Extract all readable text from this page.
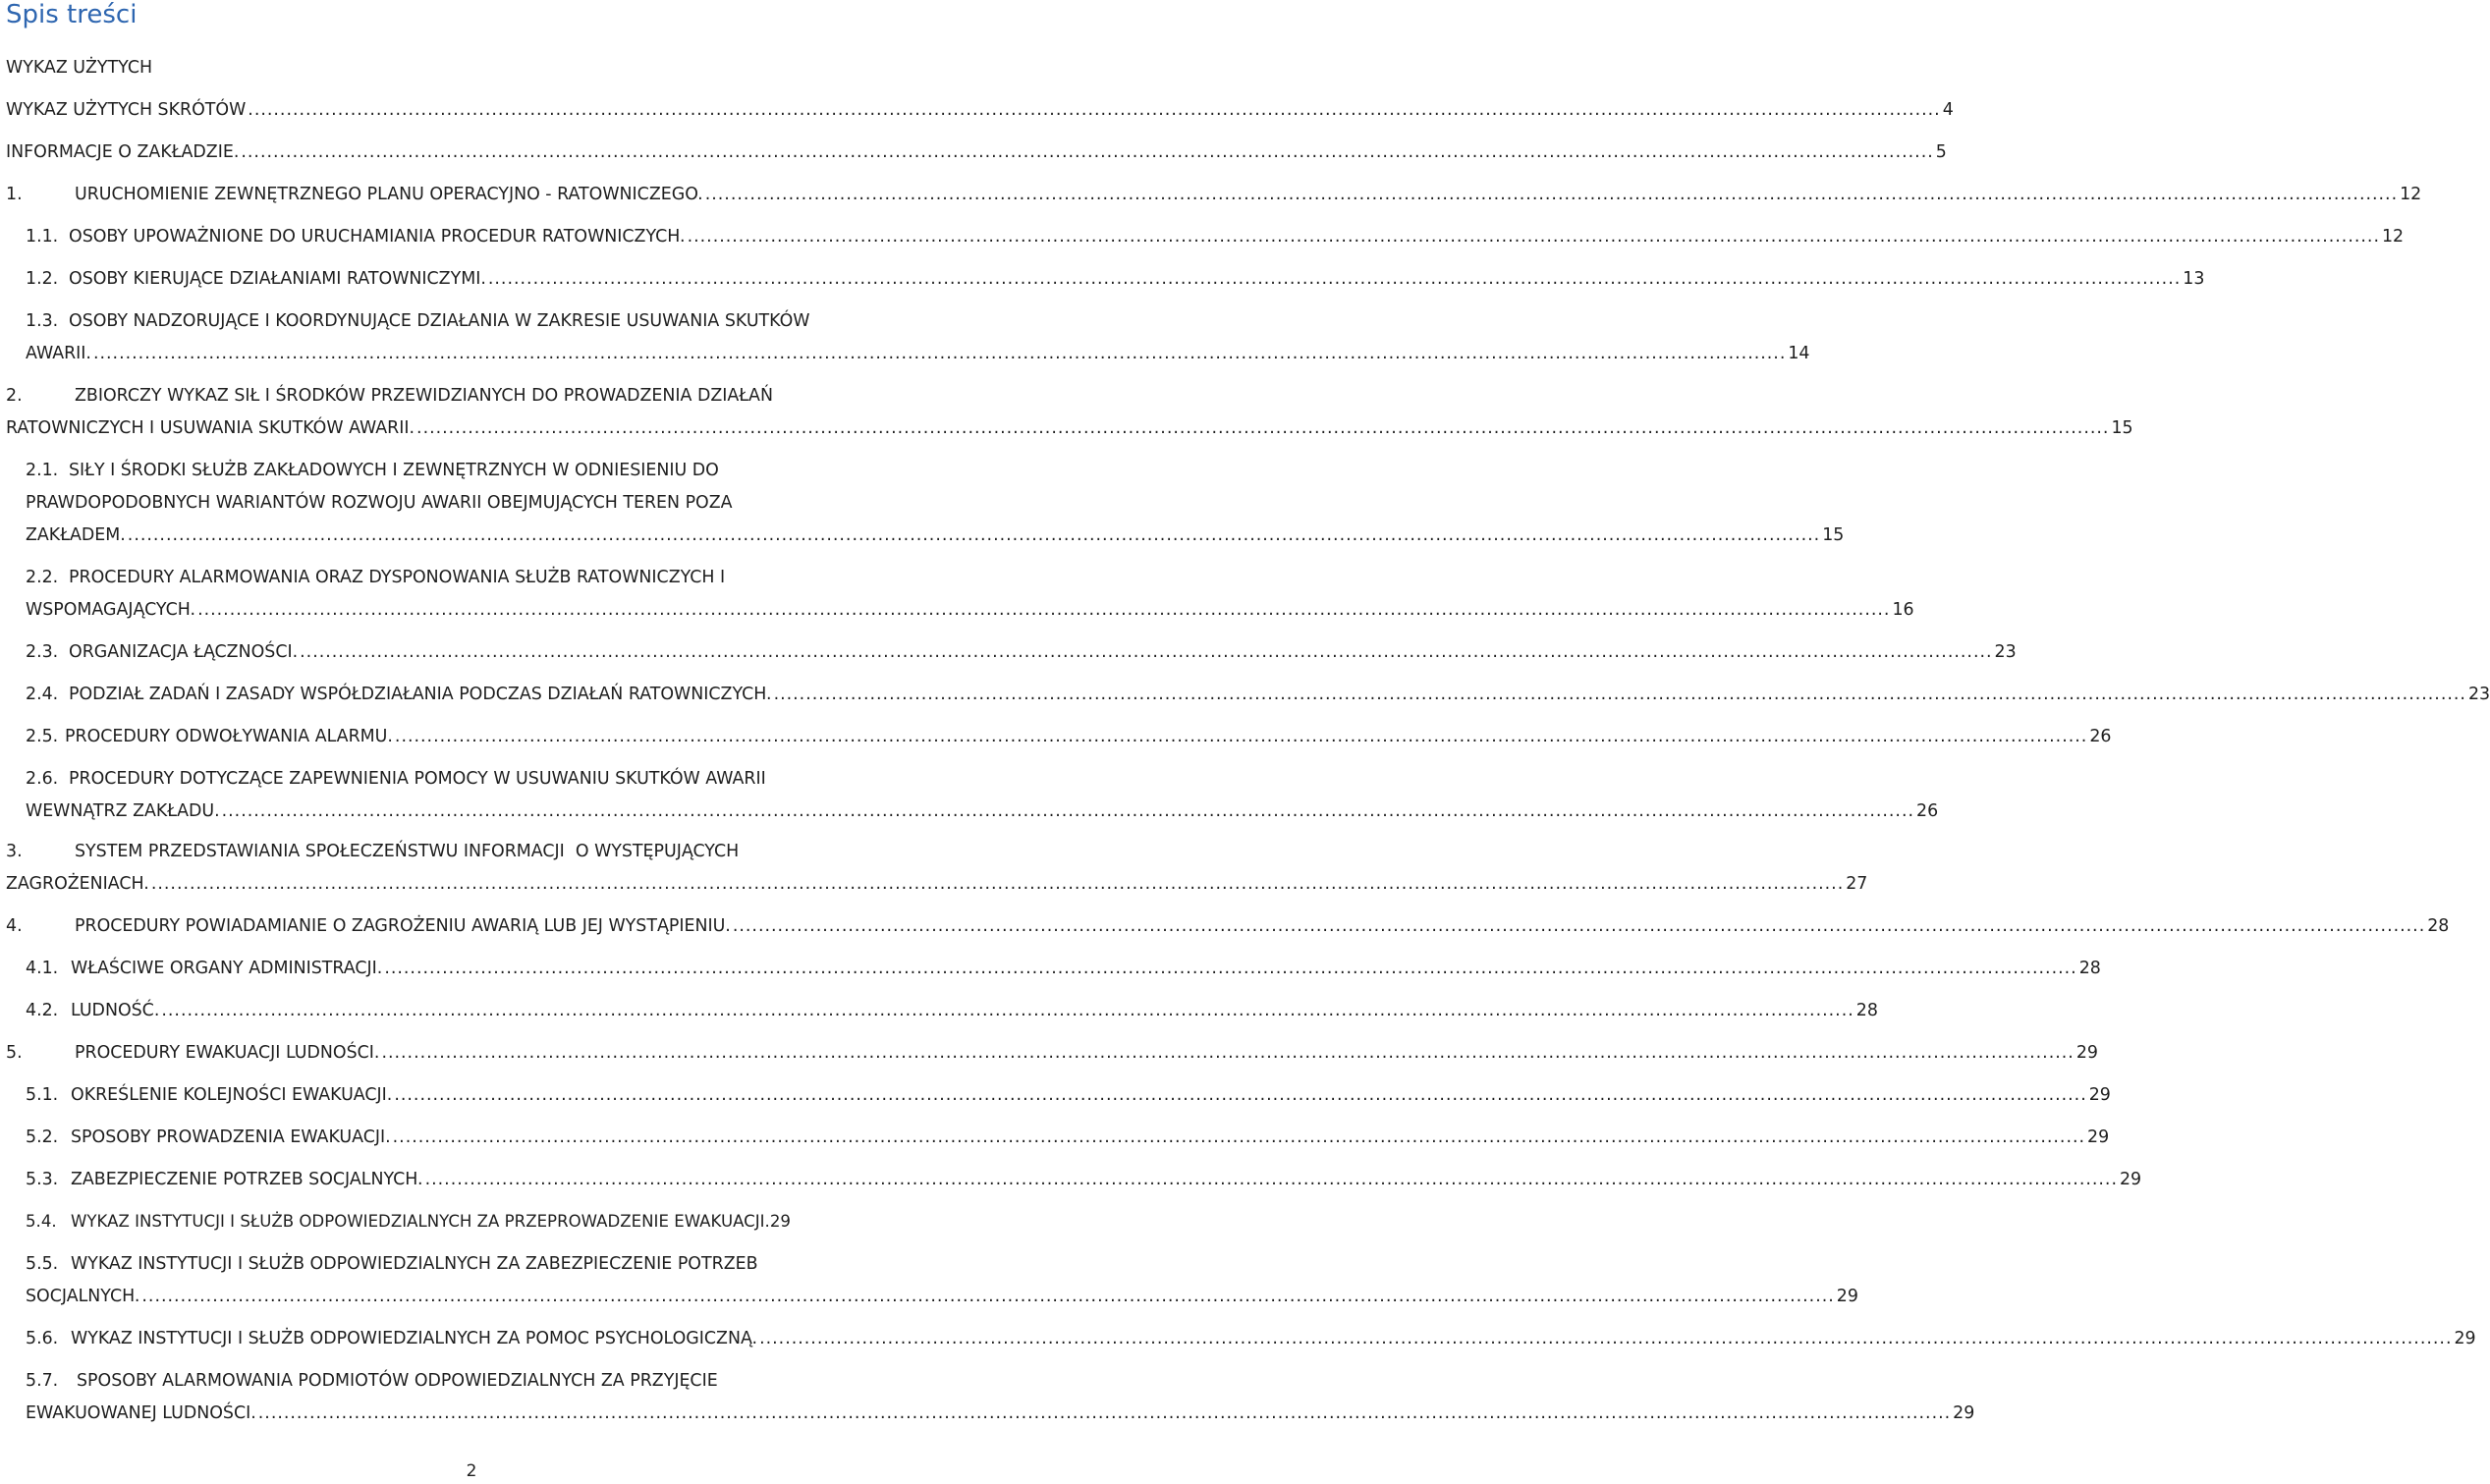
Spis treści
WYKAZ UŻYTYCH
WYKAZ UŻYTYCH SKRÓTÓW .....	4
INFORMACJE O ZAKŁADZIE. .....	5
1.	URUCHOMIENIE ZEWNĘTRZNEGO PLANU OPERACYJNO - RATOWNICZEGO. .....	12
1.1. OSOBY UPOWAŻNIONE DO URUCHAMIANIA PROCEDUR RATOWNICZYCH. .....	12
1.2. OSOBY KIERUJĄCE DZIAŁANIAMI RATOWNICZYMI. .....	13
1.3. OSOBY NADZORUJĄCE I KOORDYNUJĄCE DZIAŁANIA W ZAKRESIE USUWANIA SKUTKÓW
AWARII. .....	14
2.	ZBIORCZY WYKAZ SIŁ I ŚRODKÓW PRZEWIDZIANYCH DO PROWADZENIA DZIAŁAŃ
RATOWNICZYCH I USUWANIA SKUTKÓW AWARII. .....	15
2.1. SIŁY I ŚRODKI SŁUŻB ZAKŁADOWYCH I ZEWNĘTRZNYCH W ODNIESIENIU DO
PRAWDOPODOBNYCH WARIANTÓW ROZWOJU AWARII OBEJMUJĄCYCH TEREN POZA
ZAKŁADEM. .....	15
2.2. PROCEDURY ALARMOWANIA ORAZ DYSPONOWANIA SŁUŻB RATOWNICZYCH I
WSPOMAGAJĄCYCH. .....	16
2.3. ORGANIZACJA ŁĄCZNOŚCI. .....	23
2.4. PODZIAŁ ZADAŃ I ZASADY WSPÓŁDZIAŁANIA PODCZAS DZIAŁAŃ RATOWNICZYCH. .....	23
2.5. PROCEDURY ODWOŁYWANIA ALARMU. .....	26
2.6. PROCEDURY DOTYCZĄCE ZAPEWNIENIA POMOCY W USUWANIU SKUTKÓW AWARII
WEWNĄTRZ ZAKŁADU. .....	26
3.	SYSTEM PRZEDSTAWIANIA SPOŁECZEŃSTWU INFORMACJI  O WYSTĘPUJĄCYCH
ZAGROŻENIACH. .....	27
4.	PROCEDURY POWIADAMIANIE O ZAGROŻENIU AWARIĄ LUB JEJ WYSTĄPIENIU. .....	28
4.1. WŁAŚCIWE ORGANY ADMINISTRACJI. .....	28
4.2. LUDNOŚĆ. .....	28
5.	PROCEDURY EWAKUACJI LUDNOŚCI. .....	29
5.1. OKREŚLENIE KOLEJNOŚCI EWAKUACJI. .....	29
5.2. SPOSOBY PROWADZENIA EWAKUACJI. .....	29
5.3. ZABEZPIECZENIE POTRZEB SOCJALNYCH. .....	29
5.4. WYKAZ INSTYTUCJI I SŁUŻB ODPOWIEDZIALNYCH ZA PRZEPROWADZENIE EWAKUACJI. 29
5.5. WYKAZ INSTYTUCJI I SŁUŻB ODPOWIEDZIALNYCH ZA ZABEZPIECZENIE POTRZEB
SOCJALNYCH. .....	29
5.6. WYKAZ INSTYTUCJI I SŁUŻB ODPOWIEDZIALNYCH ZA POMOC PSYCHOLOGICZNĄ. .....	29
5.7.	SPOSOBY ALARMOWANIA PODMIOTÓW ODPOWIEDZIALNYCH ZA PRZYJĘCIE
EWAKUOWANEJ LUDNOŚCI. .....	29
2
